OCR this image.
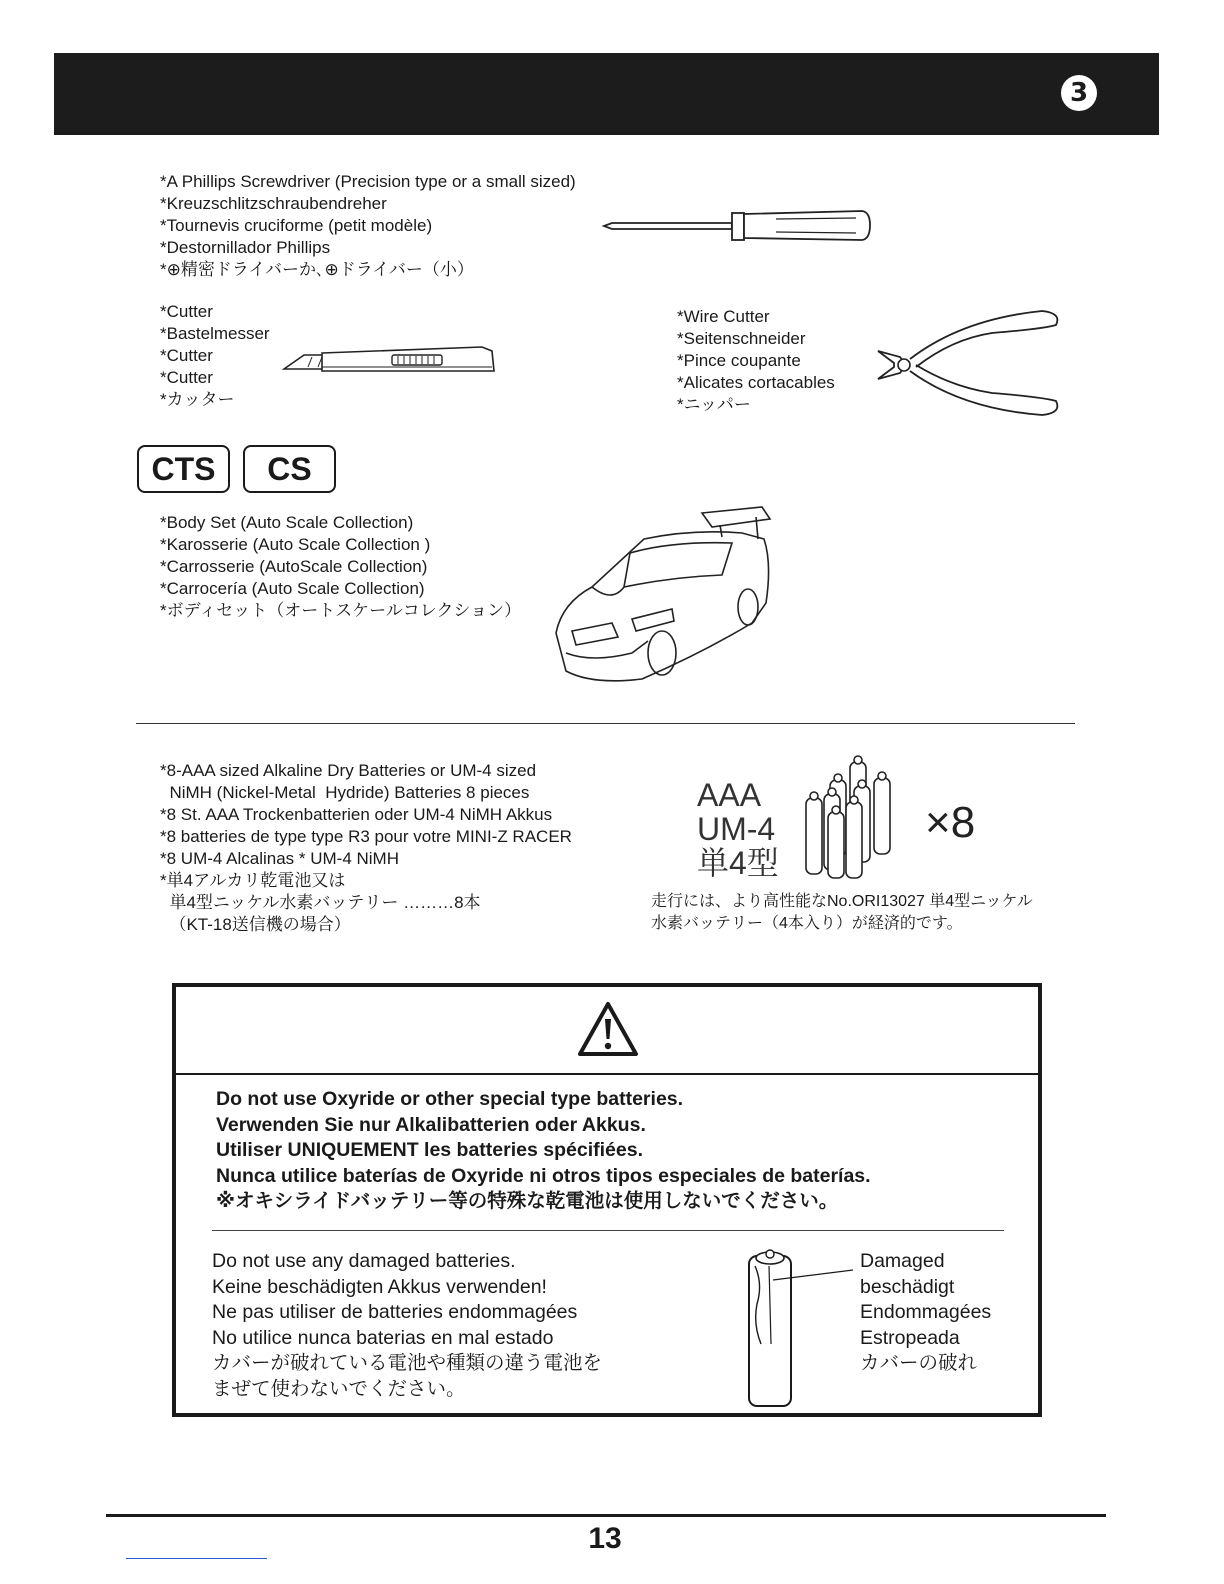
3
*A Phillips Screwdriver (Precision type or a small sized)
*Kreuzschlitzschraubendreher
*Tournevis cruciforme (petit modèle)
*Destornillador Phillips
*⊕精密ドライバーか､⊕ドライバー（小）
*Cutter
*Bastelmesser
*Cutter
*Cutter
*カッター
*Wire Cutter
*Seitenschneider
*Pince coupante
*Alicates cortacables
*ニッパー
CTS	CS
*Body Set (Auto Scale Collection)
*Karosserie (Auto Scale Collection )
*Carrosserie (AutoScale Collection)
*Carrocería (Auto Scale Collection)
*ボディセット（オートスケールコレクション）
*8-AAA sized Alkaline Dry Batteries or UM-4 sized
NiMH (Nickel-Metal  Hydride) Batteries 8 pieces
*8 St. AAA Trockenbatterien oder UM-4 NiMH Akkus
*8 batteries de type type R3 pour votre MINI-Z RACER
*8 UM-4 Alcalinas * UM-4 NiMH
*単4アルカリ乾電池又は
単4型ニッケル水素バッテリー ………8本
（KT-18送信機の場合）
AAA
UM-4
単4型
×8
走行には、より高性能なNo.ORI13027 単4型ニッケル
水素バッテリー（4本入り）が経済的です。
Do not use Oxyride or other special type batteries.
Verwenden Sie nur Alkalibatterien oder Akkus.
Utiliser UNIQUEMENT les batteries spécifiées.
Nunca utilice baterías de Oxyride ni otros tipos especiales de baterías.
※オキシライドバッテリー等の特殊な乾電池は使用しないでください。
Do not use any damaged batteries.
Keine beschädigten Akkus verwenden!
Ne pas utiliser de batteries endommagées
No utilice nunca baterias en mal estado
カバーが破れている電池や種類の違う電池を
まぜて使わないでください。
Damaged
beschädigt
Endommagées
Estropeada
カバーの破れ
13
